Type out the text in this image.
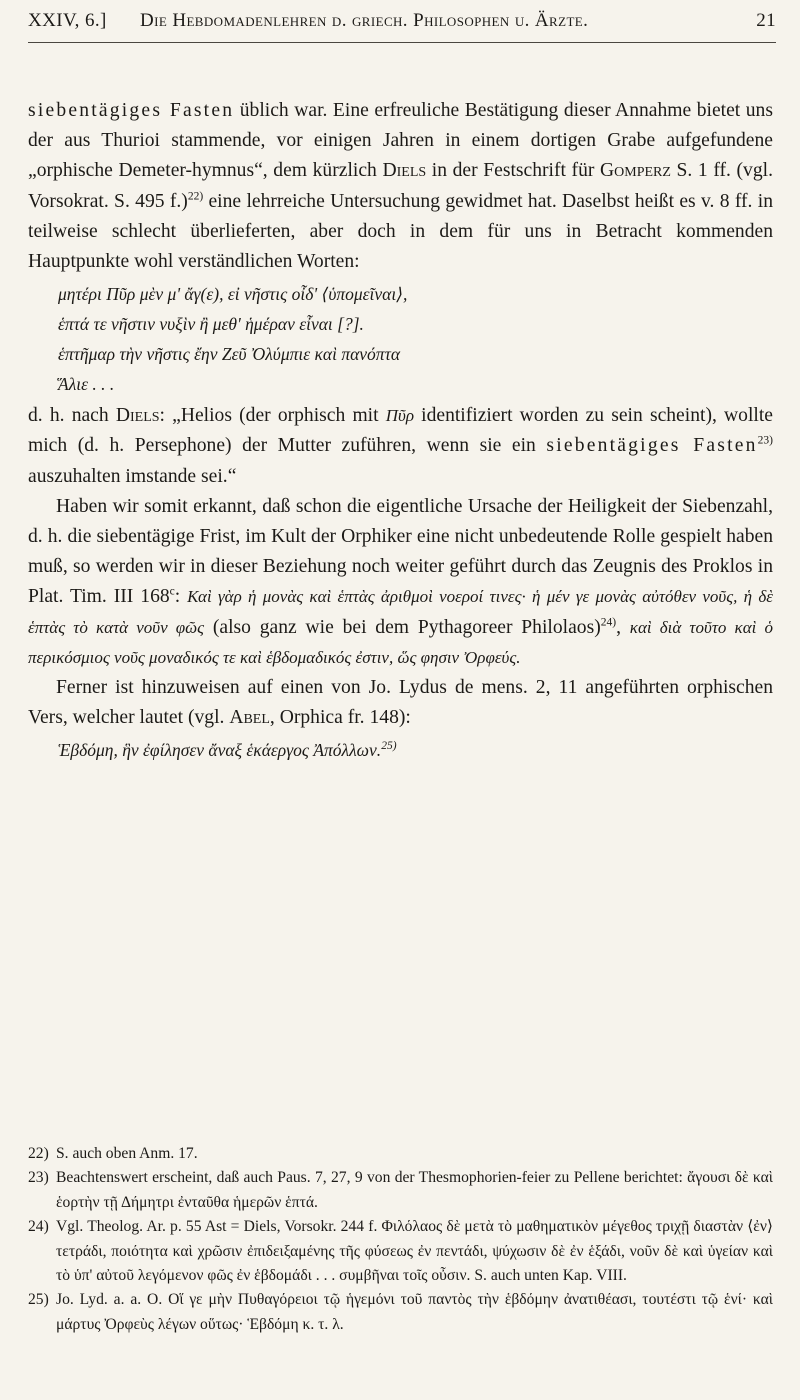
XXIV, 6.] Die Hebdomadenlehren d. griech. Philosophen u. Ärzte.	21

siebentägiges Fasten üblich war. Eine erfreuliche Bestätigung dieser Annahme bietet uns der aus Thurioi stammende, vor einigen Jahren in einem dortigen Grabe aufgefundene „orphische Demeter-hymnus“, dem kürzlich Diels in der Festschrift für Gomperz S. 1 ff. (vgl. Vorsokrat. S. 495 f.)$^{22)}$ eine lehrreiche Untersuchung gewidmet hat. Daselbst heißt es v. 8 ff. in teilweise schlecht überlieferten, aber doch in dem für uns in Betracht kommenden Hauptpunkte wohl verständlichen Worten:

μητέρι Πῦρ μὲν μ' ἄγ(ε), εἰ νῆστις οἶδ' ⟨ὑπομεῖναι⟩,
ἑπτά τε νῆστιν νυξὶν ἢ μεθ' ἡμέραν εἶναι [?].
ἑπτῆμαρ τὴν νῆστις ἔην Ζεῦ Ὀλύμπιε καὶ πανόπτα
Ἅλιε . . .

d. h. nach Diels: „Helios (der orphisch mit Πῦρ identifiziert worden zu sein scheint), wollte mich (d. h. Persephone) der Mutter zuführen, wenn sie ein siebentägiges Fasten$^{23)}$ auszuhalten imstande sei.“

Haben wir somit erkannt, daß schon die eigentliche Ursache der Heiligkeit der Siebenzahl, d. h. die siebentägige Frist, im Kult der Orphiker eine nicht unbedeutende Rolle gespielt haben muß, so werden wir in dieser Beziehung noch weiter geführt durch das Zeugnis des Proklos in Plat. Tim. III 168$^c$: Καὶ γὰρ ἡ μονὰς καὶ ἑπτὰς ἀριθμοὶ νοεροί τινες· ἡ μέν γε μονὰς αὐτόθεν νοῦς, ἡ δὲ ἑπτὰς τὸ κατὰ νοῦν φῶς (also ganz wie bei dem Pythagoreer Philolaos)$^{24)}$, καὶ διὰ τοῦτο καὶ ὁ περικόσμιος νοῦς μοναδικός τε καὶ ἑβδομαδικός ἐστιν, ὥς φησιν Ὀρφεύς.

Ferner ist hinzuweisen auf einen von Jo. Lydus de mens. 2, 11 angeführten orphischen Vers, welcher lautet (vgl. Abel, Orphica fr. 148):

Ἑβδόμη, ἣν ἐφίλησεν ἄναξ ἑκάεργος Ἀπόλλων.$^{25)}$

22) S. auch oben Anm. 17.

23) Beachtenswert erscheint, daß auch Paus. 7, 27, 9 von der Thesmophorien-feier zu Pellene berichtet: ἄγουσι δὲ καὶ ἑορτὴν τῇ Δήμητρι ἐνταῦθα ἡμερῶν ἑπτά.

24) Vgl. Theolog. Ar. p. 55 Ast = Diels, Vorsokr. 244 f. Φιλόλαος δὲ μετὰ τὸ μαθηματικὸν μέγεθος τριχῇ διαστὰν ⟨ἐν⟩ τετράδι, ποιότητα καὶ χρῶσιν ἐπιδειξαμένης τῆς φύσεως ἐν πεντάδι, ψύχωσιν δὲ ἐν ἑξάδι, νοῦν δὲ καὶ ὑγείαν καὶ τὸ ὑπ' αὐτοῦ λεγόμενον φῶς ἐν ἑβδομάδι . . . συμβῆναι τοῖς οὖσιν. S. auch unten Kap. VIII.

25) Jo. Lyd. a. a. O. Οἵ γε μὴν Πυθαγόρειοι τῷ ἡγεμόνι τοῦ παντὸς τὴν ἑβδόμην ἀνατιθέασι, τουτέστι τῷ ἑνί· καὶ μάρτυς Ὀρφεὺς λέγων οὕτως· Ἑβδόμη κ. τ. λ.
